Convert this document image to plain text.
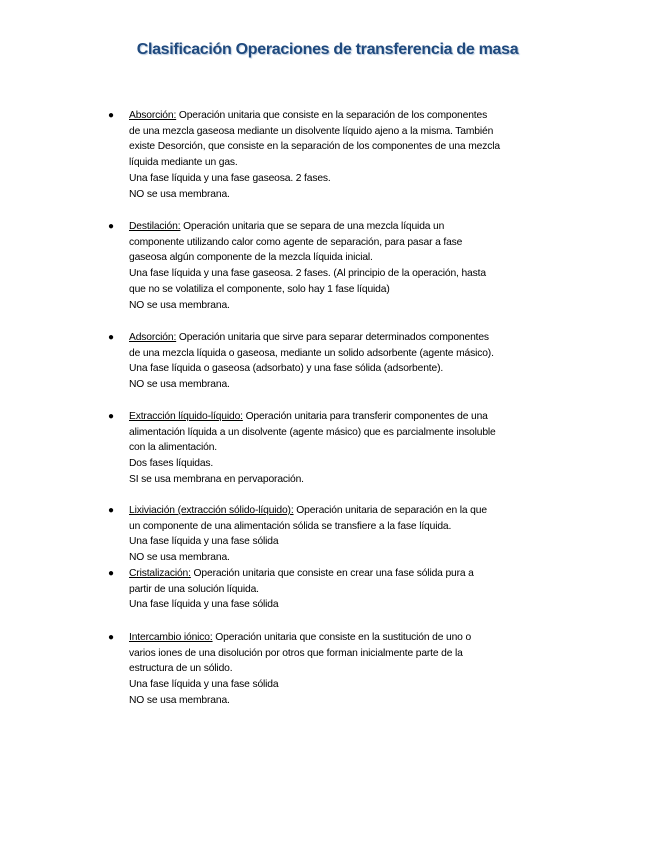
Clasificación Operaciones de transferencia de masa
●	Absorción: Operación unitaria que consiste en la separación de los componentes
de una mezcla gaseosa mediante un disolvente líquido ajeno a la misma. También
existe Desorción, que consiste en la separación de los componentes de una mezcla
líquida mediante un gas.
Una fase líquida y una fase gaseosa. 2 fases.
NO se usa membrana.
●	Destilación: Operación unitaria que se separa de una mezcla líquida un
componente utilizando calor como agente de separación, para pasar a fase
gaseosa algún componente de la mezcla líquida inicial.
Una fase líquida y una fase gaseosa. 2 fases. (Al principio de la operación, hasta
que no se volatiliza el componente, solo hay 1 fase líquida)
NO se usa membrana.
●	Adsorción: Operación unitaria que sirve para separar determinados componentes
de una mezcla líquida o gaseosa, mediante un solido adsorbente (agente másico).
Una fase líquida o gaseosa (adsorbato) y una fase sólida (adsorbente).
NO se usa membrana.
●	Extracción líquido-líquido: Operación unitaria para transferir componentes de una
alimentación líquida a un disolvente (agente másico) que es parcialmente insoluble
con la alimentación.
Dos fases líquidas.
SI se usa membrana en pervaporación.
●	Lixiviación (extracción sólido-líquido): Operación unitaria de separación en la que
un componente de una alimentación sólida se transfiere a la fase líquida.
Una fase líquida y una fase sólida
NO se usa membrana.
●	Cristalización: Operación unitaria que consiste en crear una fase sólida pura a
partir de una solución líquida.
Una fase líquida y una fase sólida
●	Intercambio iónico: Operación unitaria que consiste en la sustitución de uno o
varios iones de una disolución por otros que forman inicialmente parte de la
estructura de un sólido.
Una fase líquida y una fase sólida
NO se usa membrana.
